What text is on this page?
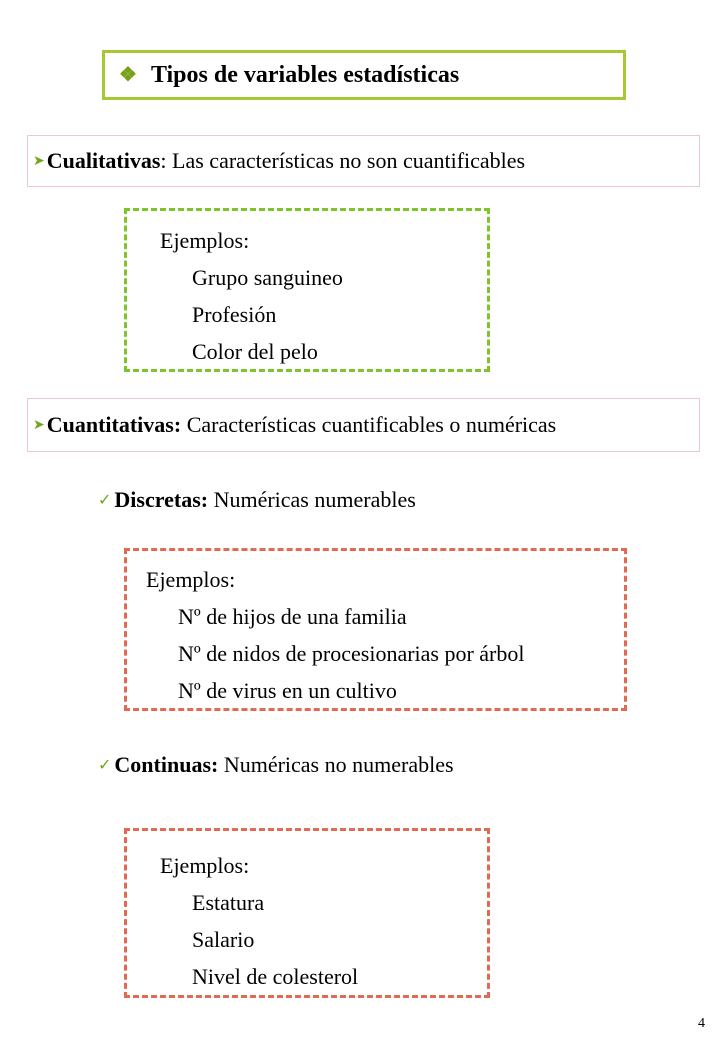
❖ Tipos de variables estadísticas
➤ Cualitativas : Las características no son cuantificables
Ejemplos:
Grupo sanguineo
Profesión
Color del pelo
➤ Cuantitativas: Características cuantificables o numéricas
✓ Discretas: Numéricas numerables
Ejemplos:
Nº de hijos de una familia
Nº de nidos de procesionarias por árbol
Nº de virus en un cultivo
✓ Continuas: Numéricas no numerables
Ejemplos:
Estatura
Salario
Nivel de colesterol
4
